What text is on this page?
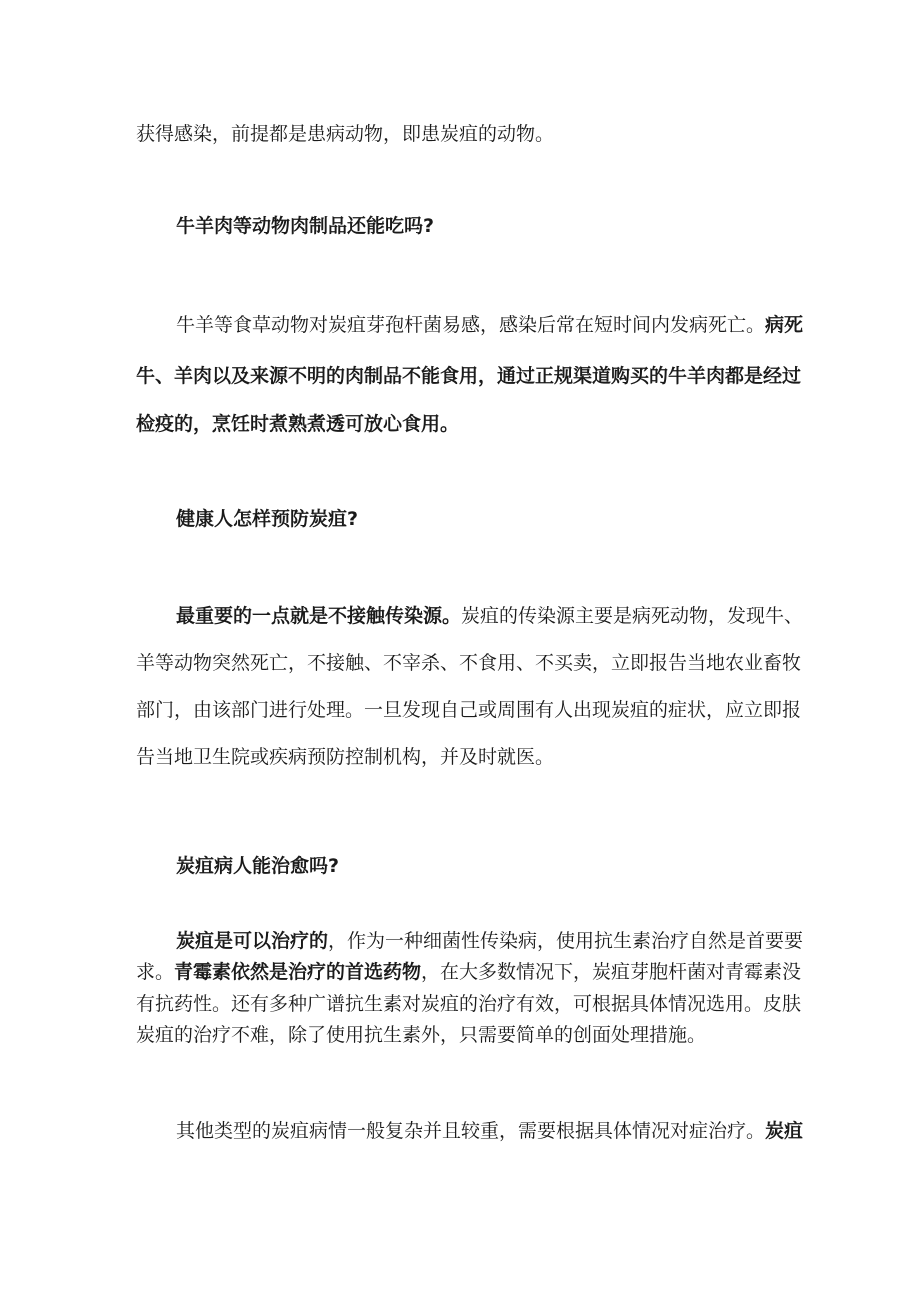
获得感染，前提都是患病动物，即患炭疽的动物。

牛羊肉等动物肉制品还能吃吗?

牛羊等食草动物对炭疽芽孢杆菌易感，感染后常在短时间内发病死亡。病死

牛、羊肉以及来源不明的肉制品不能食用，通过正规渠道购买的牛羊肉都是经过

检疫的，烹饪时煮熟煮透可放心食用。

健康人怎样预防炭疽?

最重要的一点就是不接触传染源。炭疽的传染源主要是病死动物，发现牛、

羊等动物突然死亡，不接触、不宰杀、不食用、不买卖，立即报告当地农业畜牧

部门，由该部门进行处理。一旦发现自己或周围有人出现炭疽的症状，应立即报

告当地卫生院或疾病预防控制机构，并及时就医。

炭疽病人能治愈吗?

炭疽是可以治疗的，作为一种细菌性传染病，使用抗生素治疗自然是首要要

求。青霉素依然是治疗的首选药物，在大多数情况下，炭疽芽胞杆菌对青霉素没

有抗药性。还有多种广谱抗生素对炭疽的治疗有效，可根据具体情况选用。皮肤

炭疽的治疗不难，除了使用抗生素外，只需要简单的创面处理措施。

其他类型的炭疽病情一般复杂并且较重，需要根据具体情况对症治疗。炭疽
